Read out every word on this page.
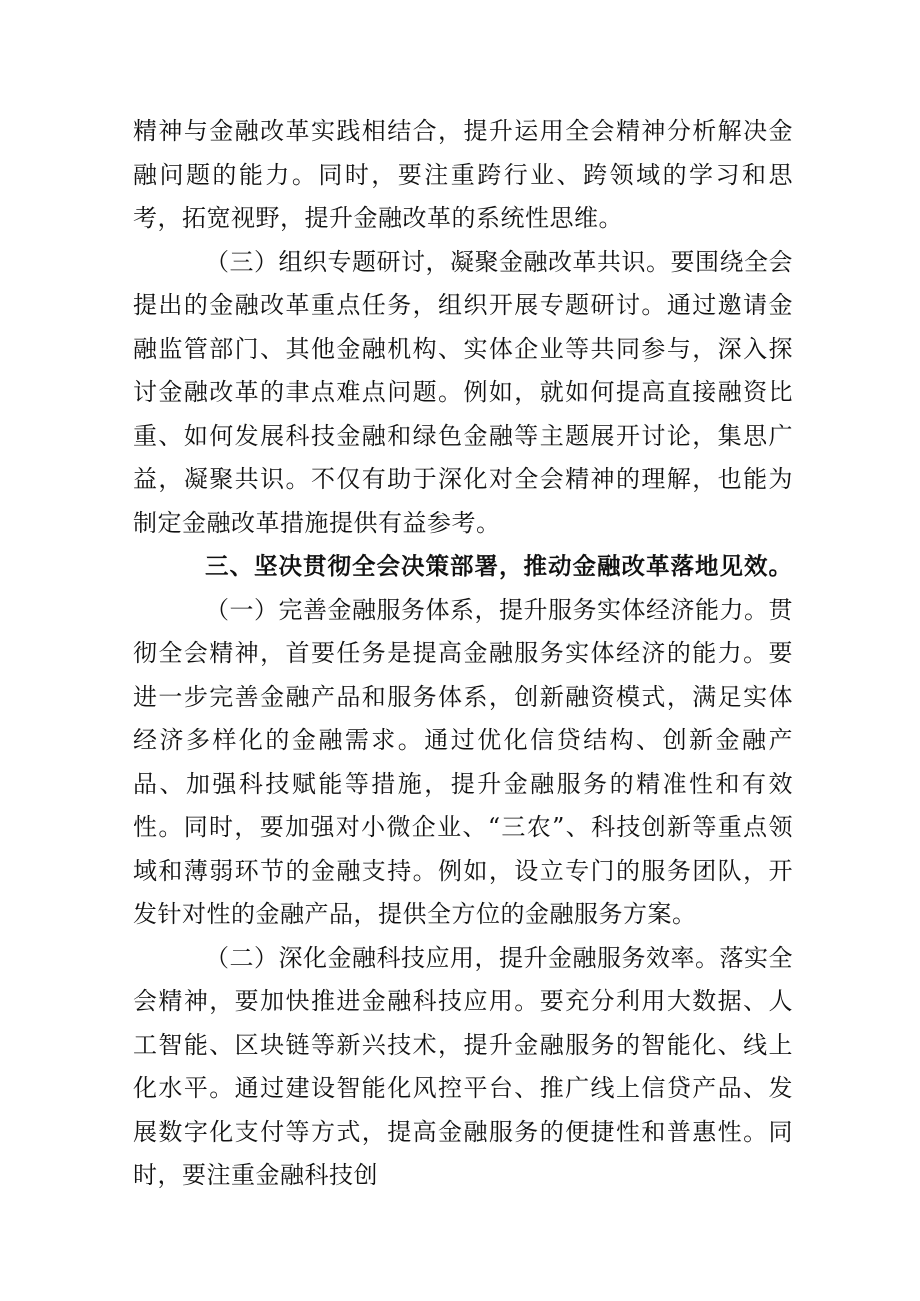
精神与金融改革实践相结合，提升运用全会精神分析解决金融问题的能力。同时，要注重跨行业、跨领域的学习和思考，拓宽视野，提升金融改革的系统性思维。

（三）组织专题研讨，凝聚金融改革共识。要围绕全会提出的金融改革重点任务，组织开展专题研讨。通过邀请金融监管部门、其他金融机构、实体企业等共同参与，深入探讨金融改革的聿点难点问题。例如，就如何提高直接融资比重、如何发展科技金融和绿色金融等主题展开讨论，集思广益，凝聚共识。不仅有助于深化对全会精神的理解，也能为制定金融改革措施提供有益参考。

三、坚决贯彻全会决策部署，推动金融改革落地见效。

（一）完善金融服务体系，提升服务实体经济能力。贯彻全会精神，首要任务是提高金融服务实体经济的能力。要进一步完善金融产品和服务体系，创新融资模式，满足实体经济多样化的金融需求。通过优化信贷结构、创新金融产品、加强科技赋能等措施，提升金融服务的精准性和有效性。同时，要加强对小微企业、“三农”、科技创新等重点领域和薄弱环节的金融支持。例如，设立专门的服务团队，开发针对性的金融产品，提供全方位的金融服务方案。

（二）深化金融科技应用，提升金融服务效率。落实全会精神，要加快推进金融科技应用。要充分利用大数据、人工智能、区块链等新兴技术，提升金融服务的智能化、线上化水平。通过建设智能化风控平台、推广线上信贷产品、发展数字化支付等方式，提高金融服务的便捷性和普惠性。同时，要注重金融科技创
